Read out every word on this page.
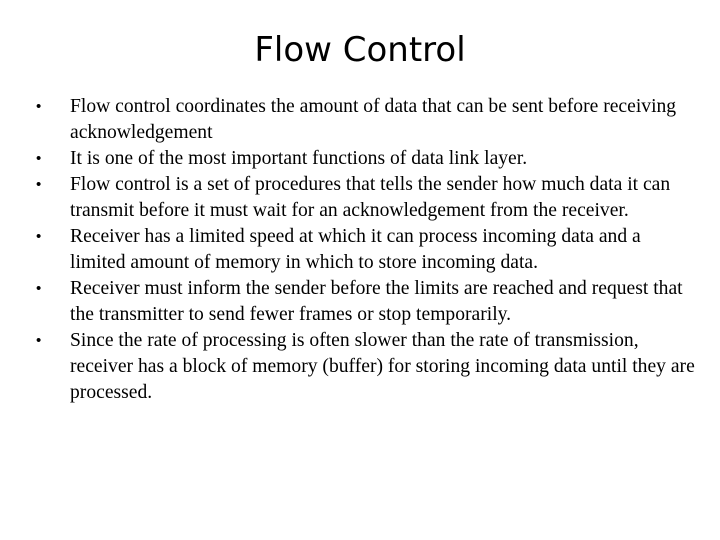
Flow Control
•	Flow control coordinates the amount of data that can be sent before receiving acknowledgement
•	It is one of the most important functions of data link layer.
•	Flow control is a set of procedures that tells the sender how much data it can transmit before it must wait for an acknowledgement from the receiver.
•	Receiver has a limited speed at which it can process incoming data and a limited amount of memory in which to store incoming data.
•	Receiver must inform the sender before the limits are reached and request that the transmitter to send fewer frames or stop temporarily.
•	Since the rate of processing is often slower than the rate of transmission, receiver has a block of memory (buffer) for storing incoming data until they are processed.
